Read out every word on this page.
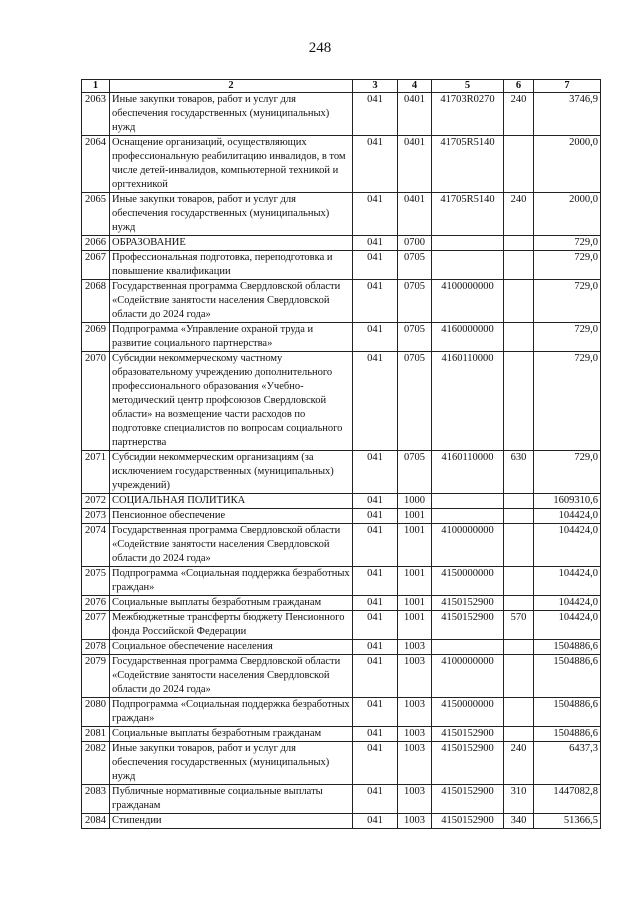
248
1	2	3	4	5	6	7
2063	Иные закупки товаров, работ и услуг для обеспечения государственных (муниципальных) нужд	041	0401	41703R0270	240	3746,9
2064	Оснащение организаций, осуществляющих профессиональную реабилитацию инвалидов, в том числе детей-инвалидов, компьютерной техникой и оргтехникой	041	0401	41705R5140		2000,0
2065	Иные закупки товаров, работ и услуг для обеспечения государственных (муниципальных) нужд	041	0401	41705R5140	240	2000,0
2066	ОБРАЗОВАНИЕ	041	0700			729,0
2067	Профессиональная подготовка, переподготовка и повышение квалификации	041	0705			729,0
2068	Государственная программа Свердловской области «Содействие занятости населения Свердловской области до 2024 года»	041	0705	4100000000		729,0
2069	Подпрограмма «Управление охраной труда и развитие социального партнерства»	041	0705	4160000000		729,0
2070	Субсидии некоммерческому частному образовательному учреждению дополнительного профессионального образования «Учебно-методический центр профсоюзов Свердловской области» на возмещение части расходов по подготовке специалистов по вопросам социального партнерства	041	0705	4160110000		729,0
2071	Субсидии некоммерческим организациям (за исключением государственных (муниципальных) учреждений)	041	0705	4160110000	630	729,0
2072	СОЦИАЛЬНАЯ ПОЛИТИКА	041	1000			1609310,6
2073	Пенсионное обеспечение	041	1001			104424,0
2074	Государственная программа Свердловской области «Содействие занятости населения Свердловской области до 2024 года»	041	1001	4100000000		104424,0
2075	Подпрограмма «Социальная поддержка безработных граждан»	041	1001	4150000000		104424,0
2076	Социальные выплаты безработным гражданам	041	1001	4150152900		104424,0
2077	Межбюджетные трансферты бюджету Пенсионного фонда Российской Федерации	041	1001	4150152900	570	104424,0
2078	Социальное обеспечение населения	041	1003			1504886,6
2079	Государственная программа Свердловской области «Содействие занятости населения Свердловской области до 2024 года»	041	1003	4100000000		1504886,6
2080	Подпрограмма «Социальная поддержка безработных граждан»	041	1003	4150000000		1504886,6
2081	Социальные выплаты безработным гражданам	041	1003	4150152900		1504886,6
2082	Иные закупки товаров, работ и услуг для обеспечения государственных (муниципальных) нужд	041	1003	4150152900	240	6437,3
2083	Публичные нормативные социальные выплаты гражданам	041	1003	4150152900	310	1447082,8
2084	Стипендии	041	1003	4150152900	340	51366,5
